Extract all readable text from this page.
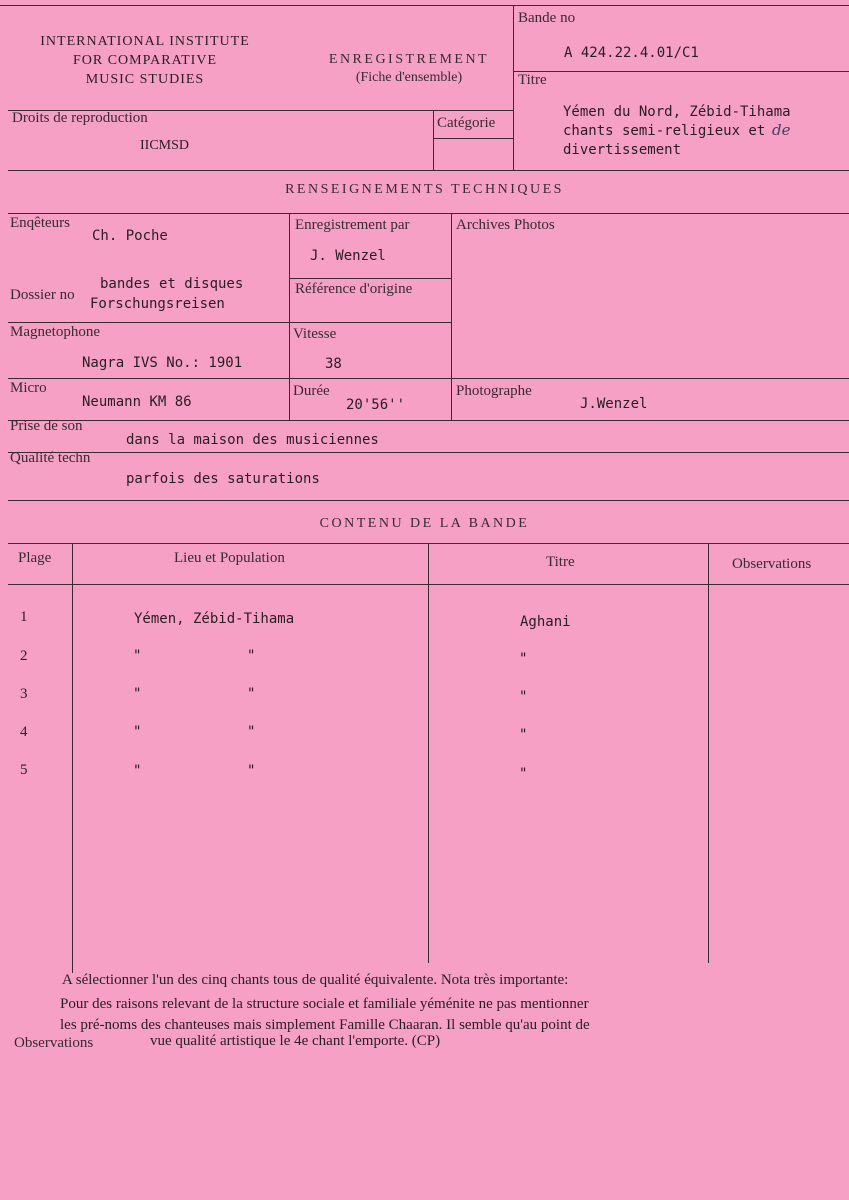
INTERNATIONAL INSTITUTE
FOR COMPARATIVE
MUSIC STUDIES
ENREGISTREMENT
(Fiche d'ensemble)
Bande no
A 424.22.4.01/C1
Titre
Yémen du Nord, Zébid-Tihama
chants semi-religieux et de
divertissement
Droits de reproduction
IICMSD
Catégorie
RENSEIGNEMENTS TECHNIQUES
Enqêteurs
Ch. Poche
Enregistrement par
J. Wenzel
Archives Photos
Dossier no
bandes et disques
Forschungsreisen
Référence d'origine
Magnetophone
Nagra IVS No.: 1901
Vitesse
38
Micro
Neumann KM 86
Durée
20'56''
Photographe
J.Wenzel
Prise de son
dans la maison des musiciennes
Qualité techn
parfois des saturations
CONTENU DE LA BANDE
Plage	Lieu et Population	Titre	Observations
1	Yémen, Zébid-Tihama	Aghani
2	"	"	"
3	"	"	"
4	"	"	"
5	"	"	"
Observations
A sélectionner l'un des cinq chants tous de qualité équivalente. Nota très importante:
Pour des raisons relevant de la structure sociale et familiale yéménite ne pas mentionner
les pré-noms des chanteuses mais simplement Famille Chaaran. Il semble qu'au point de
vue qualité artistique le 4e chant l'emporte. (CP)
